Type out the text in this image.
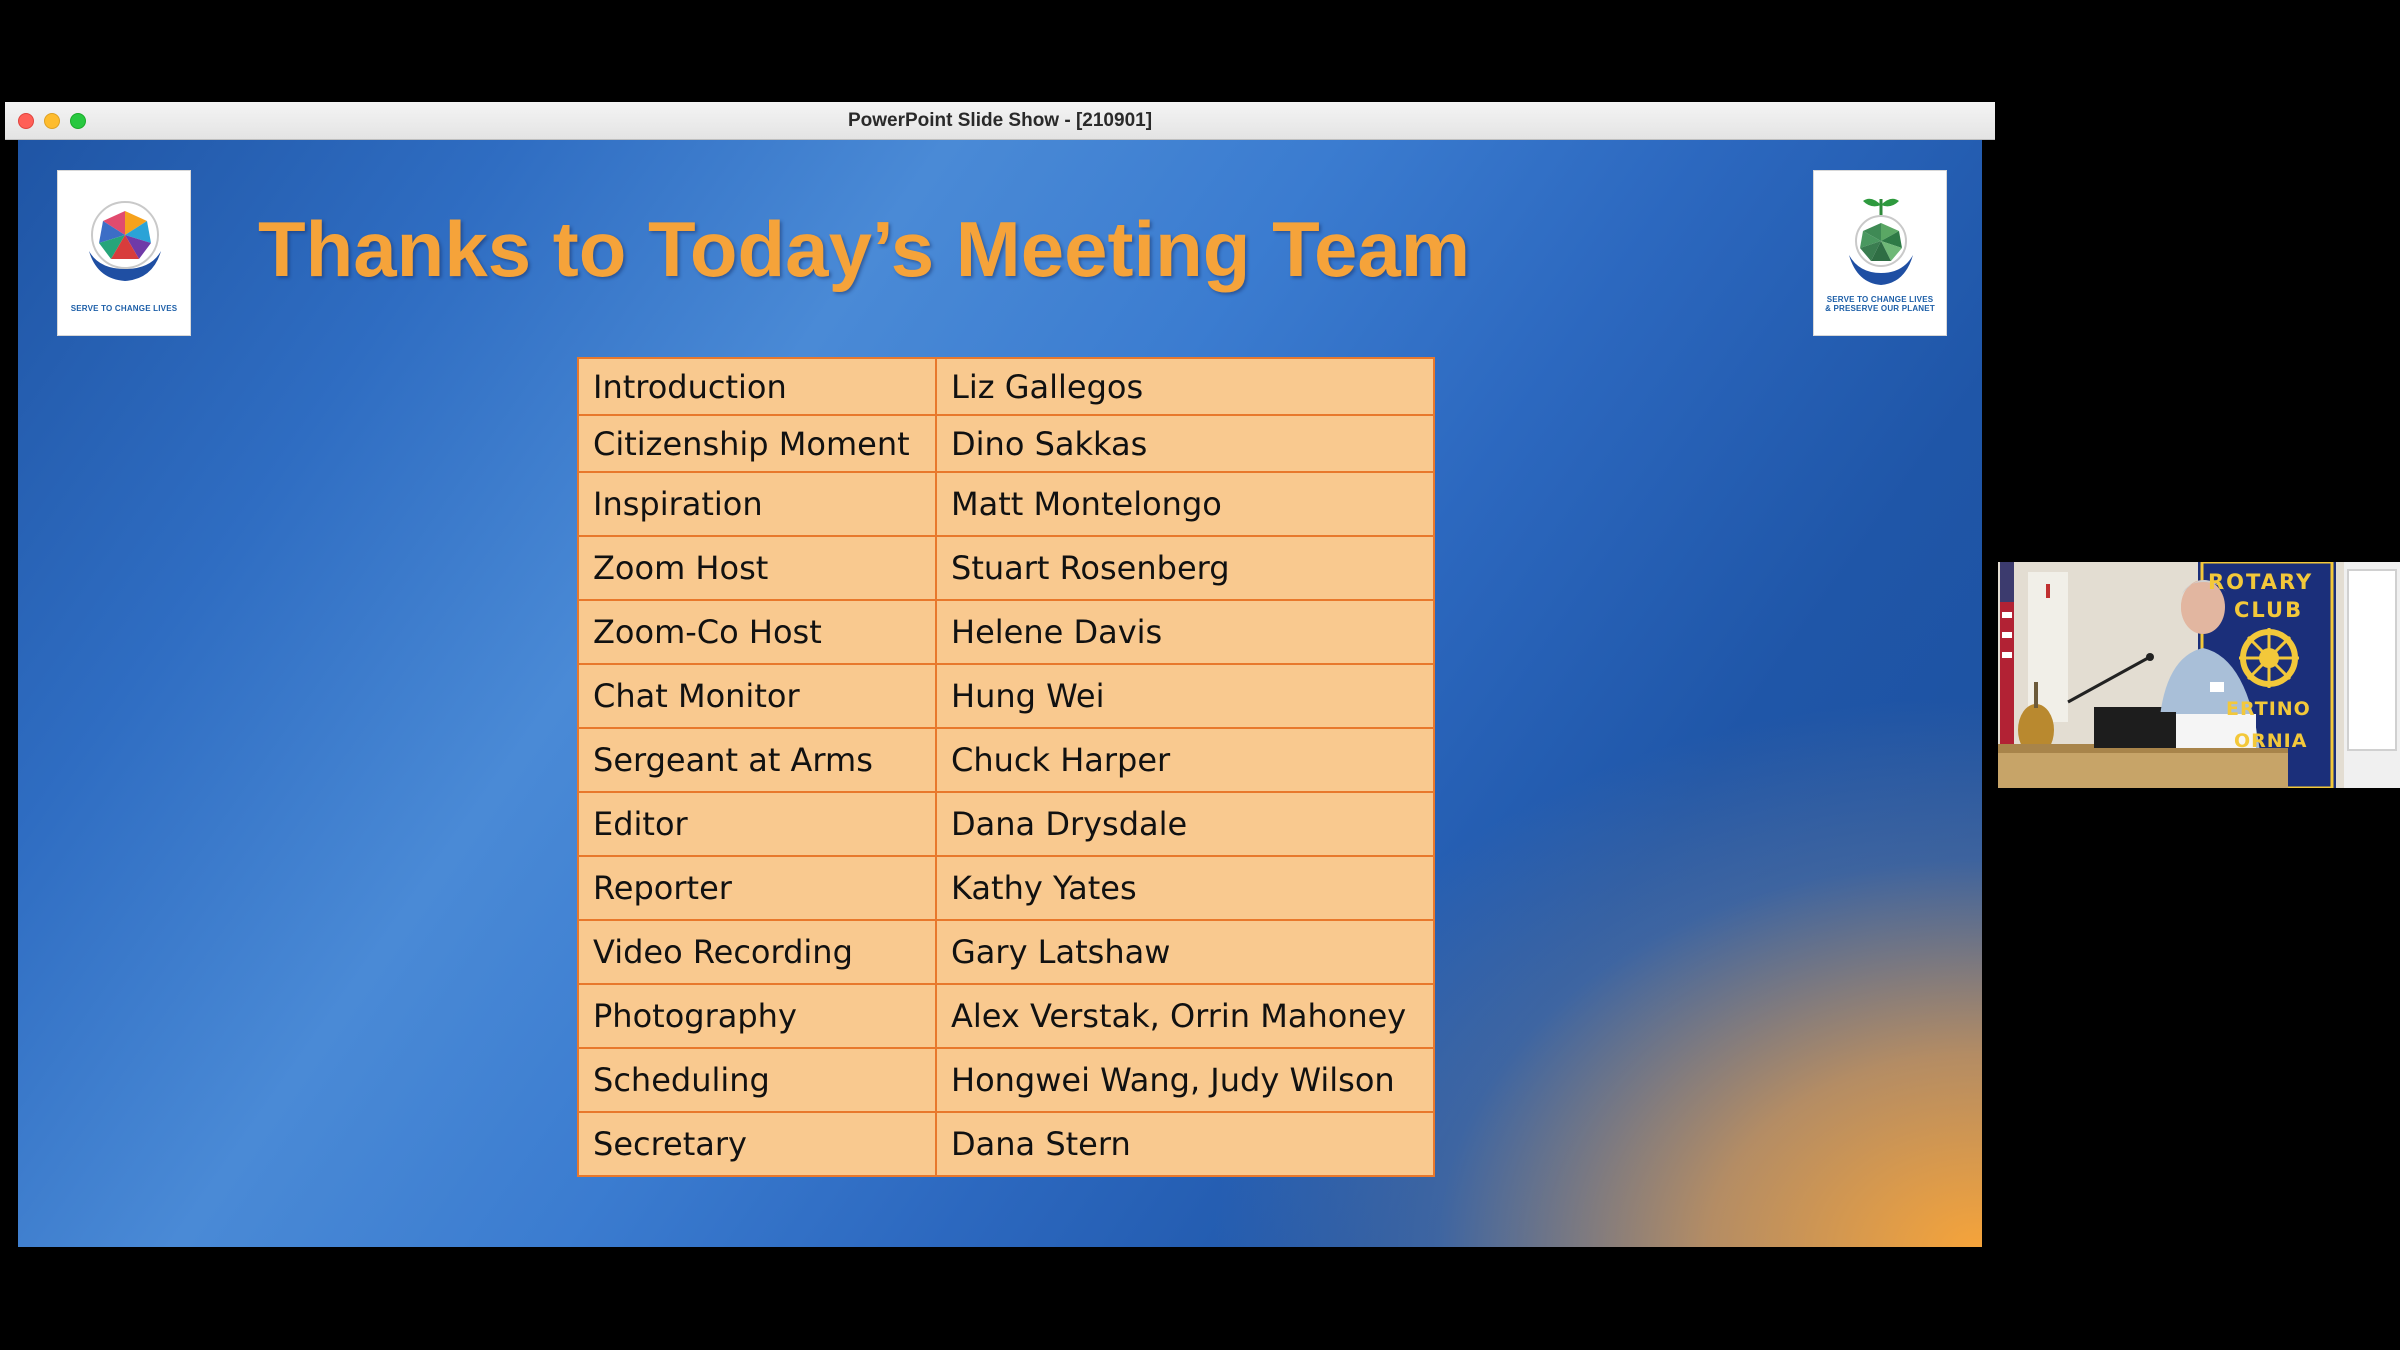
PowerPoint Slide Show - [210901]
SERVE TO CHANGE LIVES
Thanks to Today’s Meeting Team
SERVE TO CHANGE LIVES
& PRESERVE OUR PLANET
Introduction	Liz Gallegos
Citizenship Moment	Dino Sakkas
Inspiration	Matt Montelongo
Zoom Host	Stuart Rosenberg
Zoom-Co Host	Helene Davis
Chat Monitor	Hung Wei
Sergeant at Arms	Chuck Harper
Editor	Dana Drysdale
Reporter	Kathy Yates
Video Recording	Gary Latshaw
Photography	Alex Verstak, Orrin Mahoney
Scheduling	Hongwei Wang, Judy Wilson
Secretary	Dana Stern
ROTARY
CLUB
ERTINO
ORNIA
